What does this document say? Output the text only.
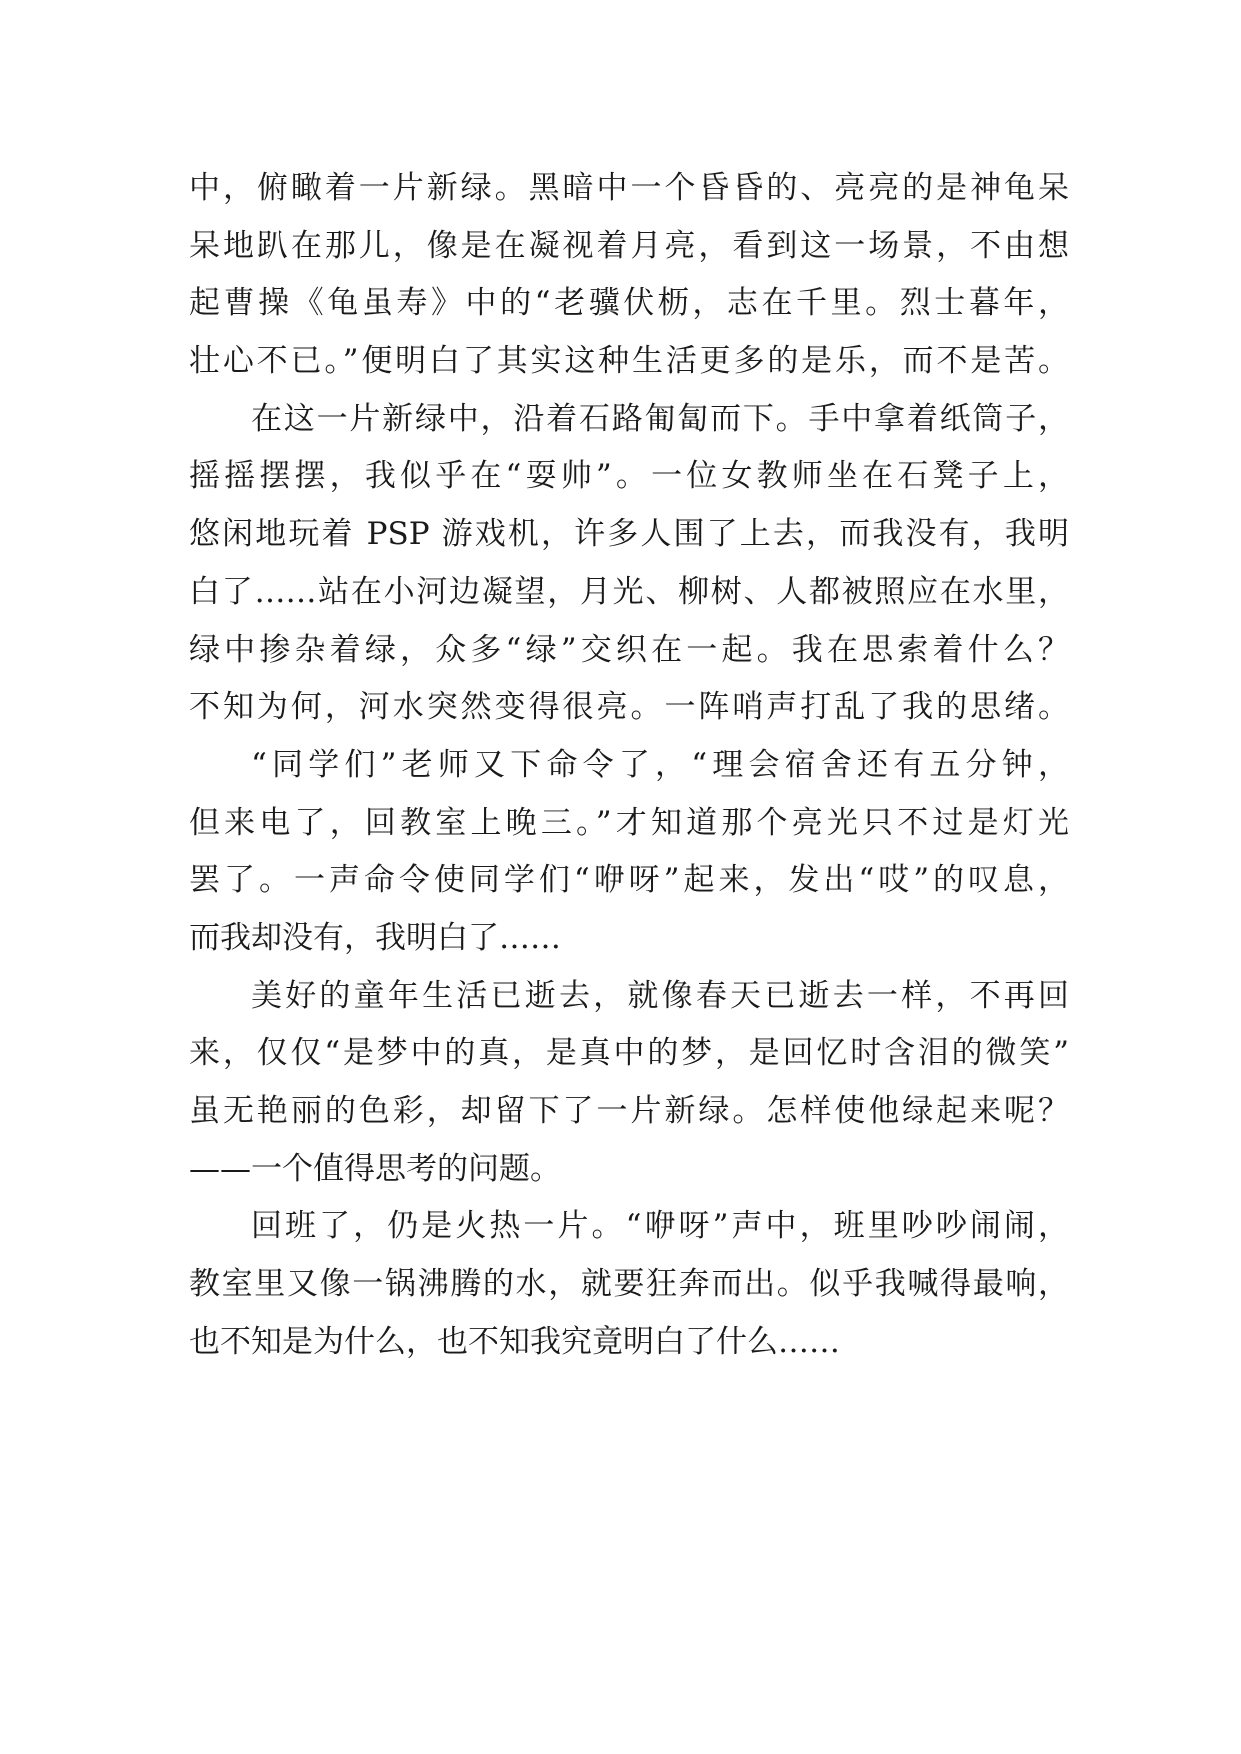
中，俯瞰着一片新绿。黑暗中一个昏昏的、亮亮的是神龟呆
呆地趴在那儿，像是在凝视着月亮，看到这一场景，不由想
起曹操《龟虽寿》中的“老骥伏枥，志在千里。烈士暮年，
壮心不已。”便明白了其实这种生活更多的是乐，而不是苦。
在这一片新绿中，沿着石路匍匐而下。手中拿着纸筒子，
摇摇摆摆，我似乎在“耍帅”。一位女教师坐在石凳子上，
悠闲地玩着 PSP 游戏机，许多人围了上去，而我没有，我明
白了……站在小河边凝望，月光、柳树、人都被照应在水里，
绿中掺杂着绿，众多“绿”交织在一起。我在思索着什么？
不知为何，河水突然变得很亮。一阵哨声打乱了我的思绪。
“同学们”老师又下命令了，“理会宿舍还有五分钟，
但来电了，回教室上晚三。”才知道那个亮光只不过是灯光
罢了。一声命令使同学们“咿呀”起来，发出“哎”的叹息，
而我却没有，我明白了……
美好的童年生活已逝去，就像春天已逝去一样，不再回
来，仅仅“是梦中的真，是真中的梦，是回忆时含泪的微笑”
虽无艳丽的色彩，却留下了一片新绿。怎样使他绿起来呢？
——一个值得思考的问题。
回班了，仍是火热一片。“咿呀”声中，班里吵吵闹闹，
教室里又像一锅沸腾的水，就要狂奔而出。似乎我喊得最响，
也不知是为什么，也不知我究竟明白了什么……
